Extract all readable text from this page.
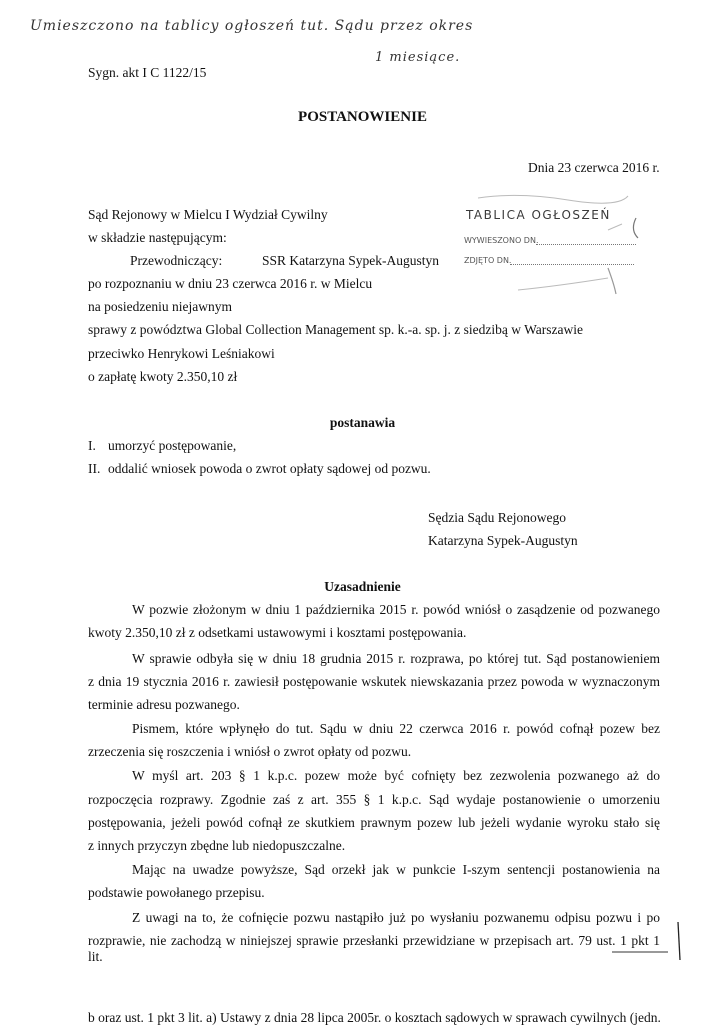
Umieszczono na tablicy ogłoszeń tut. Sądu przez okres
1 miesiące.
Sygn. akt I C 1122/15
POSTANOWIENIE
Dnia 23 czerwca 2016 r.
TABLICA OGŁOSZEŃ
WYWIESZONO DN.
ZDJĘTO DN.
Sąd Rejonowy w Mielcu I Wydział Cywilny
w składzie następującym:
Przewodniczący:	SSR Katarzyna Sypek-Augustyn
po rozpoznaniu w dniu 23 czerwca 2016 r. w Mielcu
na posiedzeniu niejawnym
sprawy z powództwa Global Collection Management sp. k.-a. sp. j. z siedzibą w Warszawie
przeciwko Henrykowi Leśniakowi
o zapłatę kwoty 2.350,10 zł
postanawia
I. umorzyć postępowanie,
II. oddalić wniosek powoda o zwrot opłaty sądowej od pozwu.
Sędzia Sądu Rejonowego
Katarzyna Sypek-Augustyn
Uzasadnienie
W pozwie złożonym w dniu 1 października 2015 r. powód wniósł o zasądzenie od pozwanego
kwoty 2.350,10 zł z odsetkami ustawowymi i kosztami postępowania.
W sprawie odbyła się w dniu 18 grudnia 2015 r. rozprawa, po której tut. Sąd postanowieniem
z dnia 19 stycznia 2016 r. zawiesił postępowanie wskutek niewskazania przez powoda w wyznaczonym
terminie adresu pozwanego.
Pismem, które wpłynęło do tut. Sądu w dniu 22 czerwca 2016 r. powód cofnął pozew bez
zrzeczenia się roszczenia i wniósł o zwrot opłaty od pozwu.
W myśl art. 203 § 1 k.p.c. pozew może być cofnięty bez zezwolenia pozwanego aż do
rozpoczęcia rozprawy. Zgodnie zaś z art. 355 § 1 k.p.c. Sąd wydaje postanowienie o umorzeniu
postępowania, jeżeli powód cofnął ze skutkiem prawnym pozew lub jeżeli wydanie wyroku stało się
z innych przyczyn zbędne lub niedopuszczalne.
Mając na uwadze powyższe, Sąd orzekł jak w punkcie I-szym sentencji postanowienia na
podstawie powołanego przepisu.
Z uwagi na to, że cofnięcie pozwu nastąpiło już po wysłaniu pozwanemu odpisu pozwu i po
rozprawie, nie zachodzą w niniejszej sprawie przesłanki przewidziane w przepisach art. 79 ust. 1 pkt 1 lit.
b oraz ust. 1 pkt 3 lit. a) Ustawy z dnia 28 lipca 2005r. o kosztach sądowych w sprawach cywilnych (jedn.
